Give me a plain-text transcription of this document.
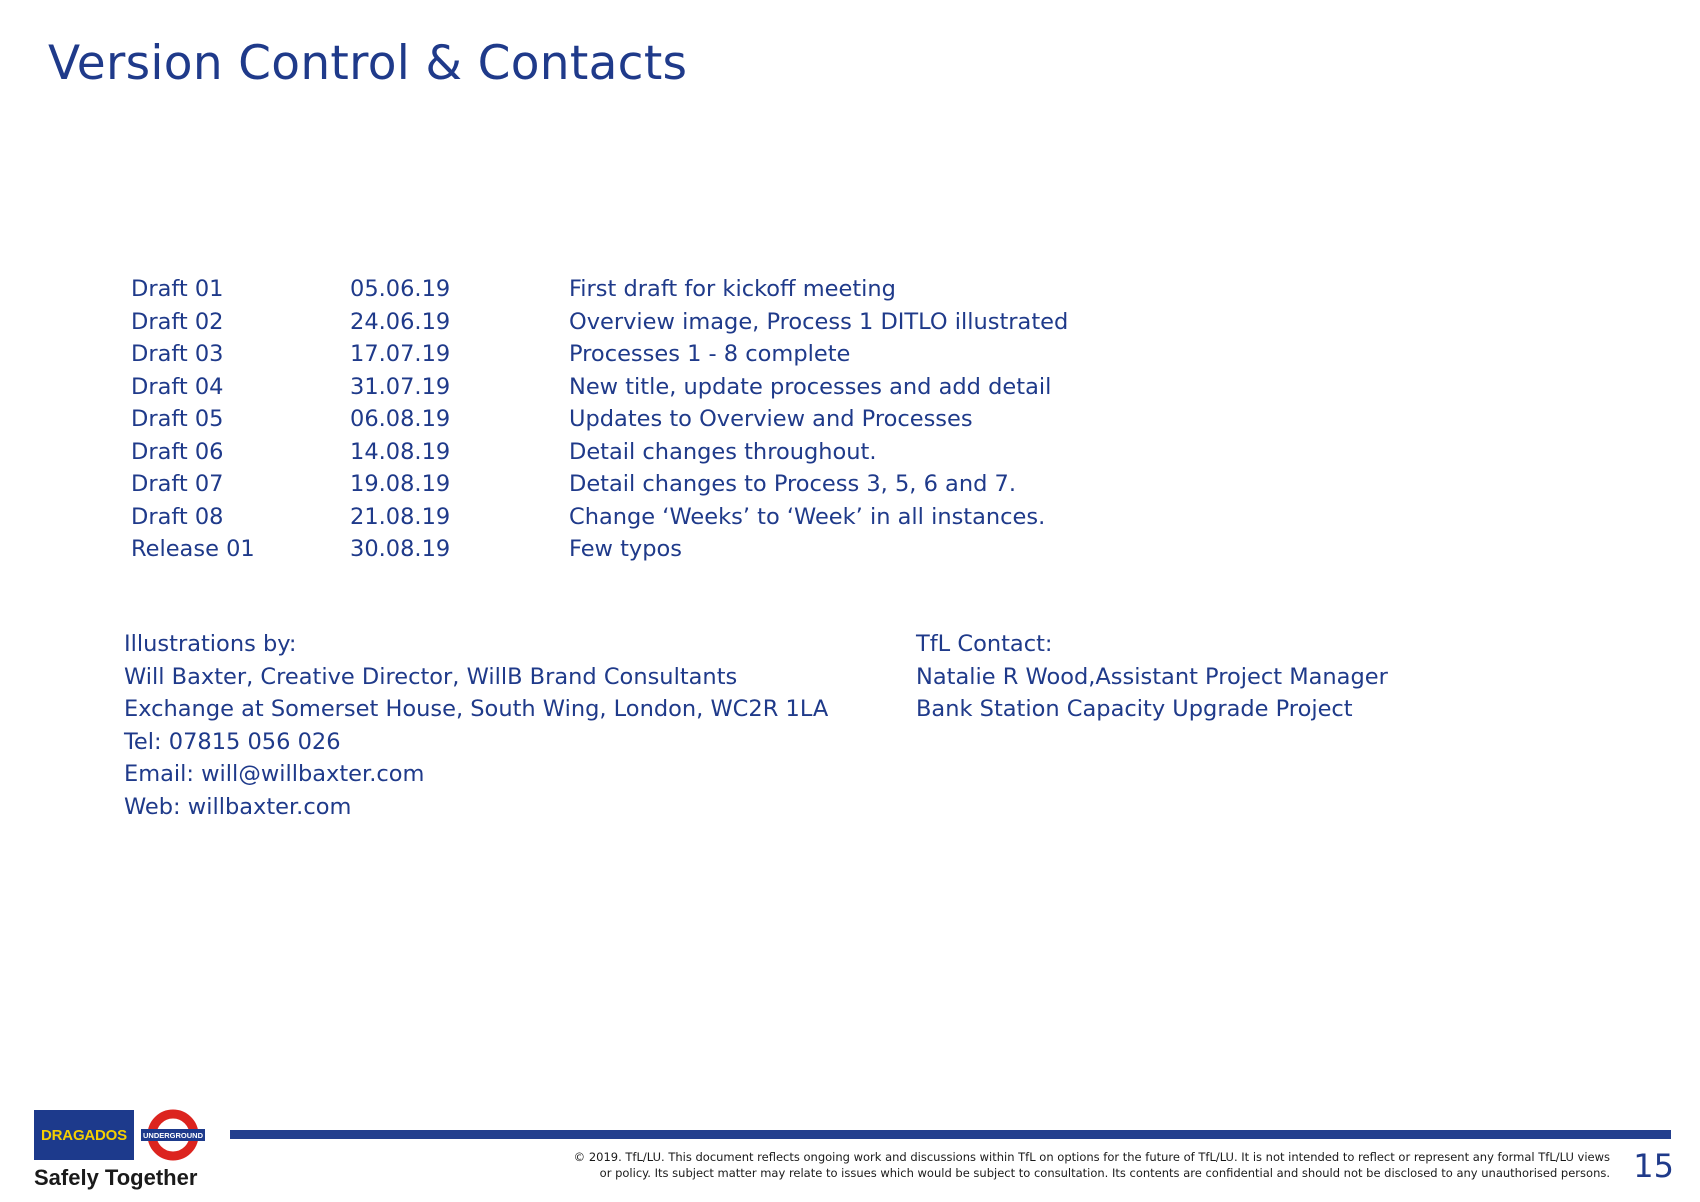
Version Control & Contacts
Draft 01	05.06.19	First draft for kickoff meeting
Draft 02	24.06.19	Overview image, Process 1 DITLO illustrated
Draft 03	17.07.19	Processes 1 - 8 complete
Draft 04	31.07.19	New title, update processes and add detail
Draft 05	06.08.19	Updates to Overview and Processes
Draft 06	14.08.19	Detail changes throughout.
Draft 07	19.08.19	Detail changes to Process 3, 5, 6 and 7.
Draft 08	21.08.19	Change ‘Weeks’ to ‘Week’ in all instances.
Release 01	30.08.19	Few typos
Illustrations by:
Will Baxter, Creative Director, WillB Brand Consultants
Exchange at Somerset House, South Wing, London, WC2R 1LA
Tel: 07815 056 026
Email: will@willbaxter.com
Web: willbaxter.com
TfL Contact:
Natalie R Wood,Assistant Project Manager
Bank Station Capacity Upgrade Project
DRAGADOS UNDERGROUND
Safely Together
© 2019. TfL/LU. This document reflects ongoing work and discussions within TfL on options for the future of TfL/LU. It is not intended to reflect or represent any formal TfL/LU views
or policy. Its subject matter may relate to issues which would be subject to consultation. Its contents are confidential and should not be disclosed to any unauthorised persons. 15
